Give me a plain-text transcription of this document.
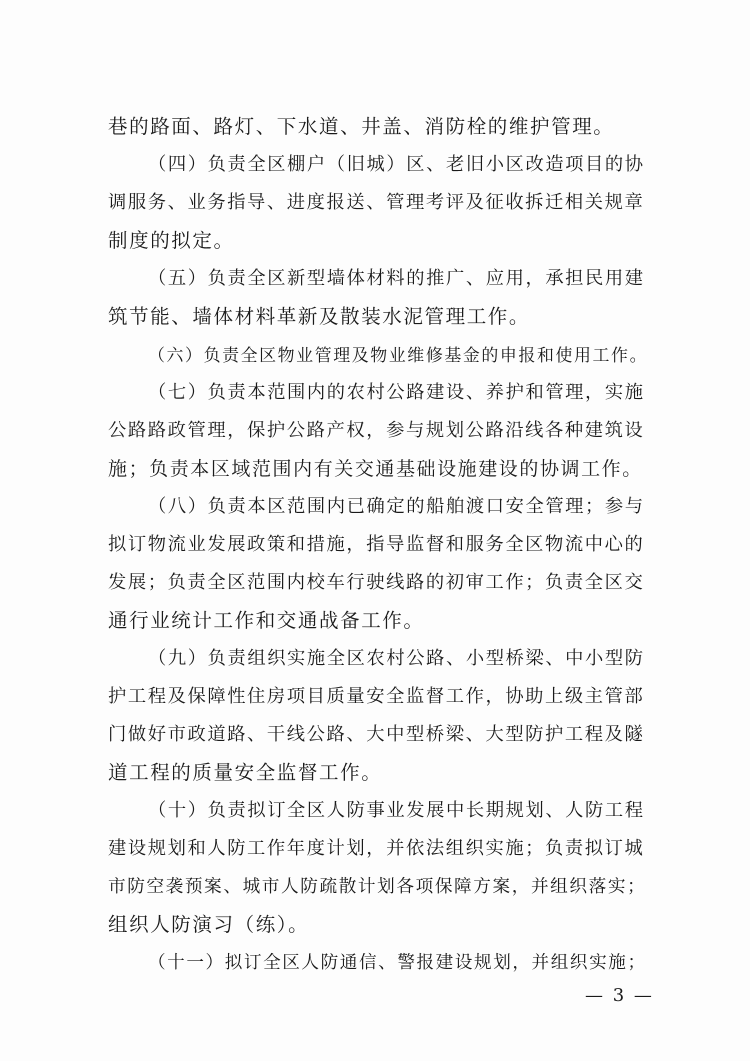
巷的路面、路灯、下水道、井盖、消防栓的维护管理。

（四）负责全区棚户（旧城）区、老旧小区改造项目的协
调服务、业务指导、进度报送、管理考评及征收拆迁相关规章
制度的拟定。

（五）负责全区新型墙体材料的推广、应用，承担民用建
筑节能、墙体材料革新及散装水泥管理工作。

（六）负责全区物业管理及物业维修基金的申报和使用工作。

（七）负责本范围内的农村公路建设、养护和管理，实施
公路路政管理，保护公路产权，参与规划公路沿线各种建筑设
施；负责本区域范围内有关交通基础设施建设的协调工作。

（八）负责本区范围内已确定的船舶渡口安全管理；参与
拟订物流业发展政策和措施，指导监督和服务全区物流中心的
发展；负责全区范围内校车行驶线路的初审工作；负责全区交
通行业统计工作和交通战备工作。

（九）负责组织实施全区农村公路、小型桥梁、中小型防
护工程及保障性住房项目质量安全监督工作，协助上级主管部
门做好市政道路、干线公路、大中型桥梁、大型防护工程及隧
道工程的质量安全监督工作。

（十）负责拟订全区人防事业发展中长期规划、人防工程
建设规划和人防工作年度计划，并依法组织实施；负责拟订城
市防空袭预案、城市人防疏散计划各项保障方案，并组织落实；
组织人防演习（练）。

（十一）拟订全区人防通信、警报建设规划，并组织实施；

— 3 —
